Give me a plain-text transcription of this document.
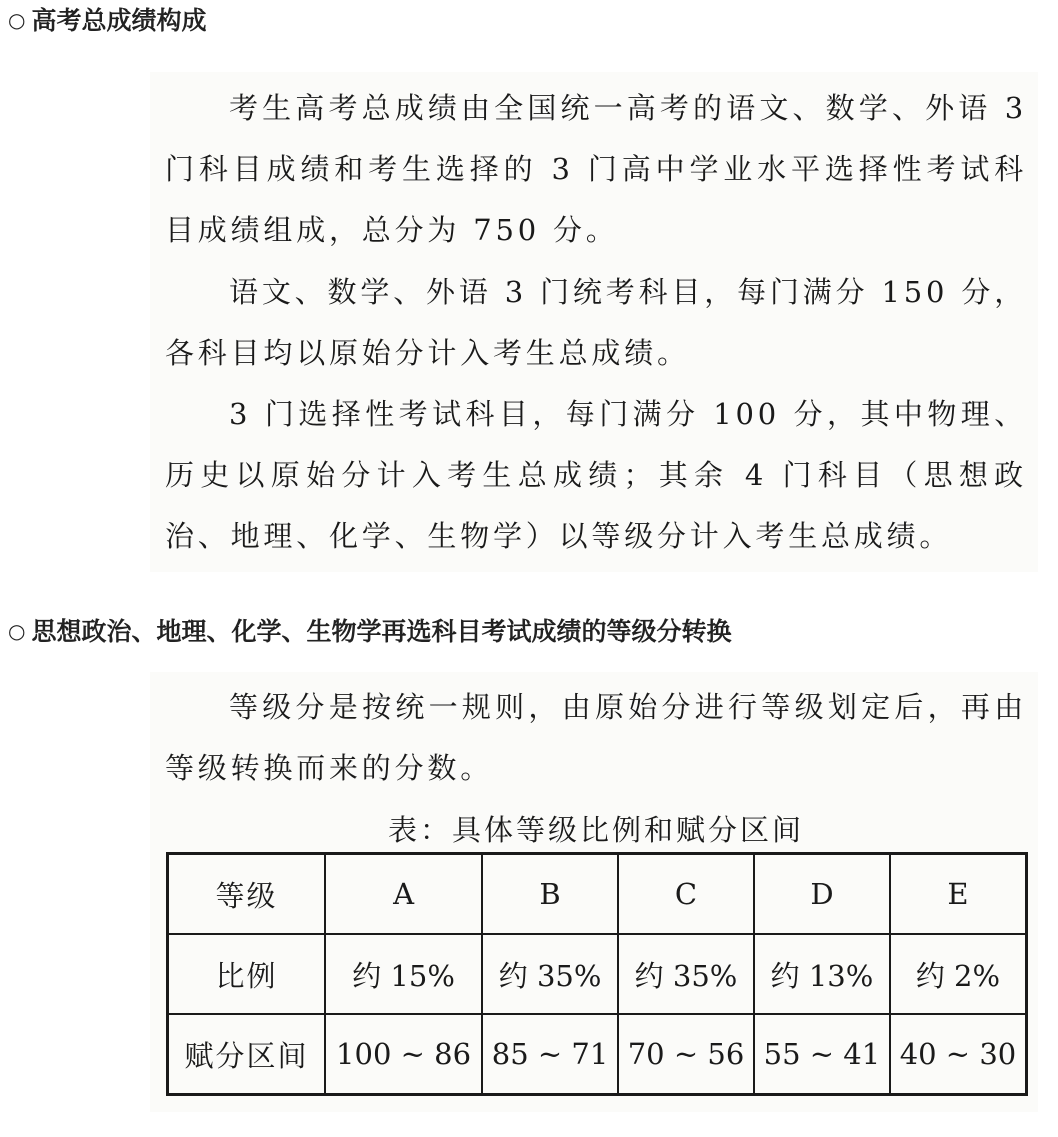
○ 高考总成绩构成
考生高考总成绩由全国统一高考的语文、数学、外语 3 门科目成绩和考生选择的 3 门高中学业水平选择性考试科目成绩组成，总分为 750 分。
语文、数学、外语 3 门统考科目，每门满分 150 分，各科目均以原始分计入考生总成绩。
3 门选择性考试科目，每门满分 100 分，其中物理、历史以原始分计入考生总成绩；其余 4 门科目（思想政治、地理、化学、生物学）以等级分计入考生总成绩。
○ 思想政治、地理、化学、生物学再选科目考试成绩的等级分转换
等级分是按统一规则，由原始分进行等级划定后，再由等级转换而来的分数。
表：具体等级比例和赋分区间
等级	A	B	C	D	E
比例	约 15%	约 35%	约 35%	约 13%	约 2%
赋分区间	100 ~ 86	85 ~ 71	70 ~ 56	55 ~ 41	40 ~ 30
